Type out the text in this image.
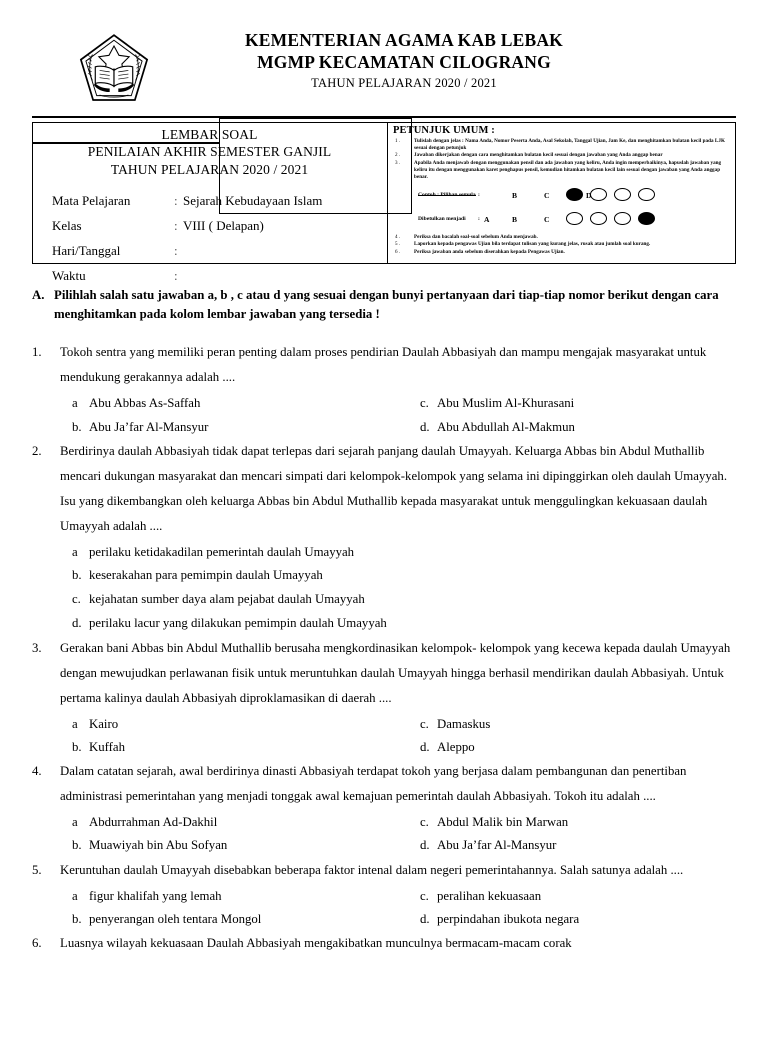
KEMENTERIAN AGAMA KAB LEBAK
MGMP KECAMATAN CILOGRANG
TAHUN PELAJARAN 2020 / 2021
LEMBAR SOAL
PENILAIAN AKHIR SEMESTER GANJIL
TAHUN PELAJARAN 2020 / 2021
Mata Pelajaran	: Sejarah Kebudayaan Islam
Kelas	: VIII ( Delapan)
Hari/Tanggal	:
Waktu	:
PETUNJUK UMUM :
1 .	Tulislah dengan jelas : Nama Anda, Nomor Peserta Anda, Asal Sekolah, Tanggal Ujian, Jam Ke, dan menghitamkan bulatan kecil pada LJK sesuai dengan petunjuk
2 .	Jawaban dikerjakan dengan cara menghitamkan bulatan kecil sesuai dengan jawaban yang Anda anggap benar
3 .	Apabila Anda menjawab dengan menggunakan pensil dan ada jawaban yang keliru, Anda ingin memperbaikinya, hapuslah jawaban yang keliru itu dengan menggunakan karet penghapus pensil, kemudian hitamkan bulatan kecil lain sesuai dengan jawaban yang Anda anggap benar.
Contoh : Pilihan semula :	B	C	D
Dibetulkan menjadi	: A	B	C
4 .	Periksa dan bacalah soal-soal sebelum Anda menjawab.
5 .	Laporkan kepada pengawas Ujian bila terdapat tulisan yang kurang jelas, rusak atau jumlah soal kurang.
6 .	Periksa jawaban anda sebelum diserahkan kepada Pengawas Ujian.
A. Pilihlah salah satu jawaban a, b , c atau d yang sesuai dengan bunyi pertanyaan dari tiap-tiap nomor berikut dengan cara menghitamkan pada kolom lembar jawaban yang tersedia !
1.	Tokoh sentra yang memiliki peran penting dalam proses pendirian Daulah Abbasiyah dan mampu mengajak masyarakat untuk mendukung gerakannya adalah ....
a Abu Abbas As-Saffah
b. Abu Ja’far Al-Mansyur
c. Abu Muslim Al-Khurasani
d. Abu Abdullah Al-Makmun
2.	Berdirinya daulah Abbasiyah tidak dapat terlepas dari sejarah panjang daulah Umayyah. Keluarga Abbas bin Abdul Muthallib mencari dukungan masyarakat dan mencari simpati dari kelompok-kelompok yang selama ini dipinggirkan oleh daulah Umayyah. Isu yang dikembangkan oleh keluarga Abbas bin Abdul Muthallib kepada masyarakat untuk menggulingkan kekuasaan daulah Umayyah adalah ....
a perilaku ketidakadilan pemerintah daulah Umayyah
b. keserakahan para pemimpin daulah Umayyah
c. kejahatan sumber daya alam pejabat daulah Umayyah
d. perilaku lacur yang dilakukan pemimpin daulah Umayyah
3.	Gerakan bani Abbas bin Abdul Muthallib berusaha mengkordinasikan kelompok- kelompok yang kecewa kepada daulah Umayyah dengan mewujudkan perlawanan fisik untuk meruntuhkan daulah Umayyah hingga berhasil mendirikan daulah Abbasiyah. Untuk pertama kalinya daulah Abbasiyah diproklamasikan di daerah ....
a Kairo
b. Kuffah
c. Damaskus
d. Aleppo
4.	Dalam catatan sejarah, awal berdirinya dinasti Abbasiyah terdapat tokoh yang berjasa dalam pembangunan dan penertiban administrasi pemerintahan yang menjadi tonggak awal kemajuan pemerintah daulah Abbasiyah. Tokoh itu adalah ....
a Abdurrahman Ad-Dakhil
b. Muawiyah bin Abu Sofyan
c. Abdul Malik bin Marwan
d. Abu Ja’far Al-Mansyur
5.	Keruntuhan daulah Umayyah disebabkan beberapa faktor intenal dalam negeri pemerintahannya. Salah satunya adalah ....
a figur khalifah yang lemah
b. penyerangan oleh tentara Mongol
c. peralihan kekuasaan
d. perpindahan ibukota negara
6.	Luasnya wilayah kekuasaan Daulah Abbasiyah mengakibatkan munculnya bermacam-macam corak
